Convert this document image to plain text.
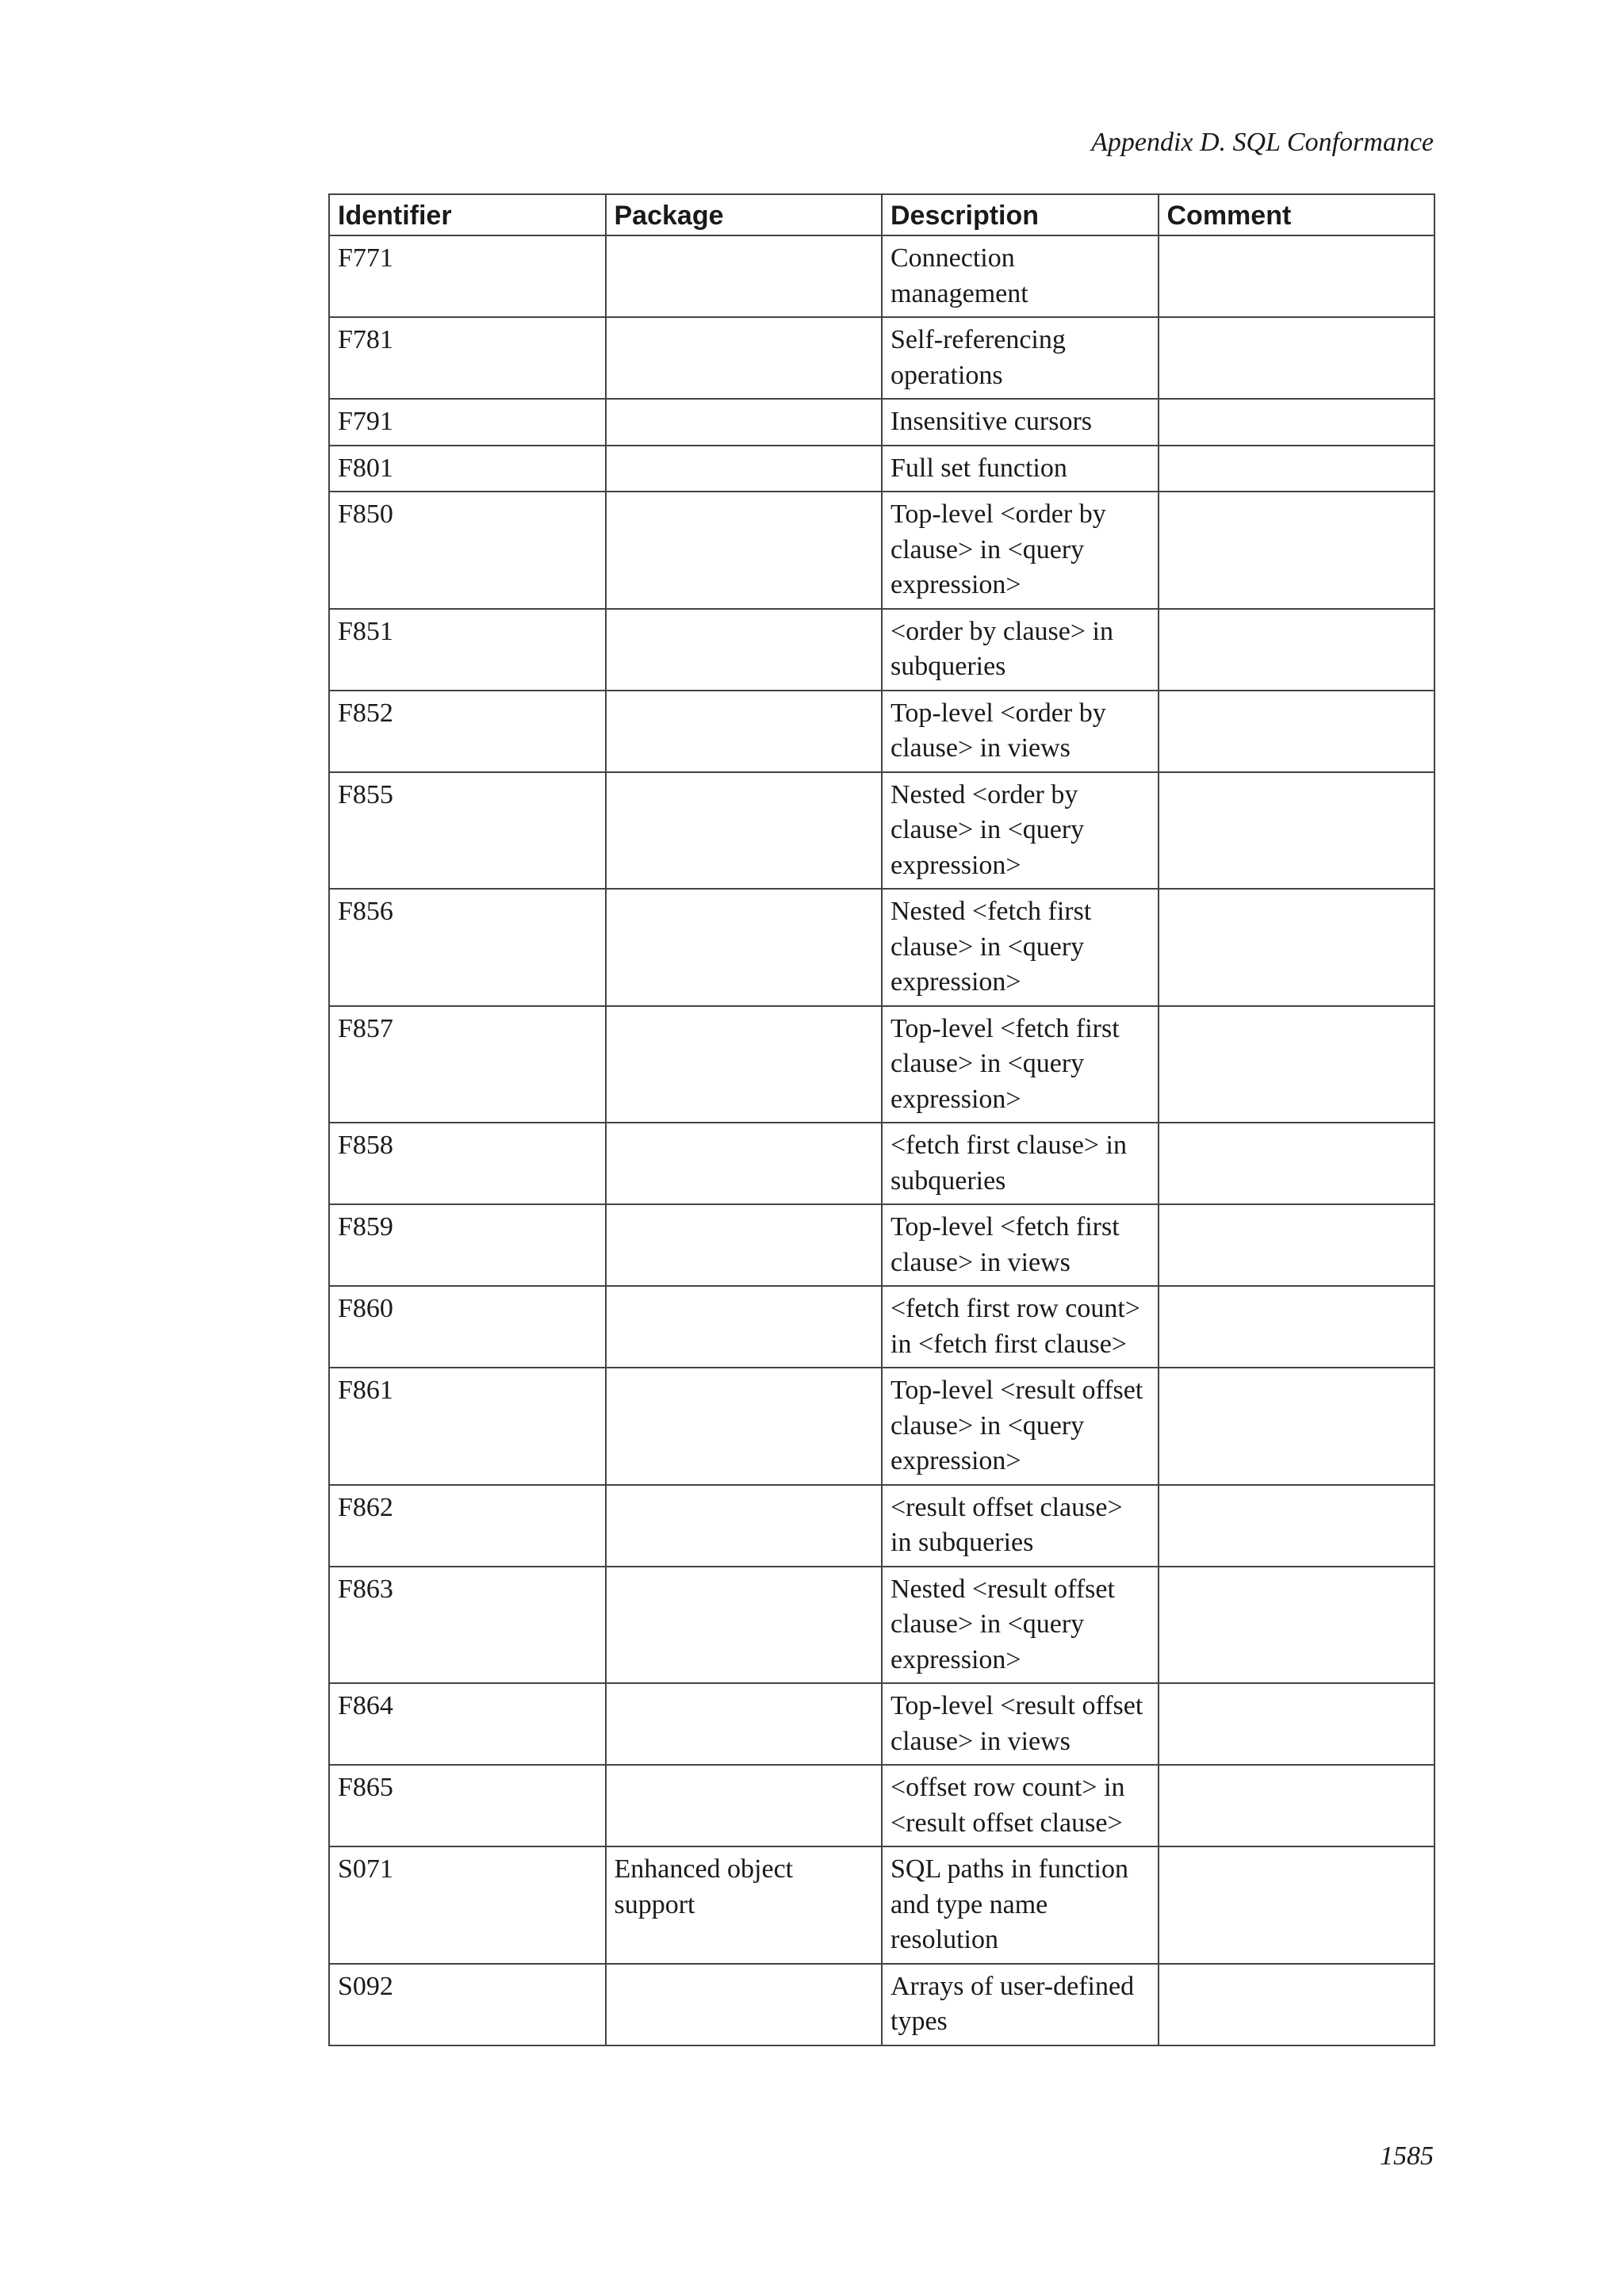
Appendix D. SQL Conformance
Identifier	Package	Description	Comment
F771		Connection management	
F781		Self-referencing operations	
F791		Insensitive cursors	
F801		Full set function	
F850		Top-level <order by clause> in <query expression>	
F851		<order by clause> in subqueries	
F852		Top-level <order by clause> in views	
F855		Nested <order by clause> in <query expression>	
F856		Nested <fetch first clause> in <query expression>	
F857		Top-level <fetch first clause> in <query expression>	
F858		<fetch first clause> in subqueries	
F859		Top-level <fetch first clause> in views	
F860		<fetch first row count> in <fetch first clause>	
F861		Top-level <result offset clause> in <query expression>	
F862		<result offset clause> in subqueries	
F863		Nested <result offset clause> in <query expression>	
F864		Top-level <result offset clause> in views	
F865		<offset row count> in <result offset clause>	
S071	Enhanced object support	SQL paths in function and type name resolution	
S092		Arrays of user-defined types	
1585
